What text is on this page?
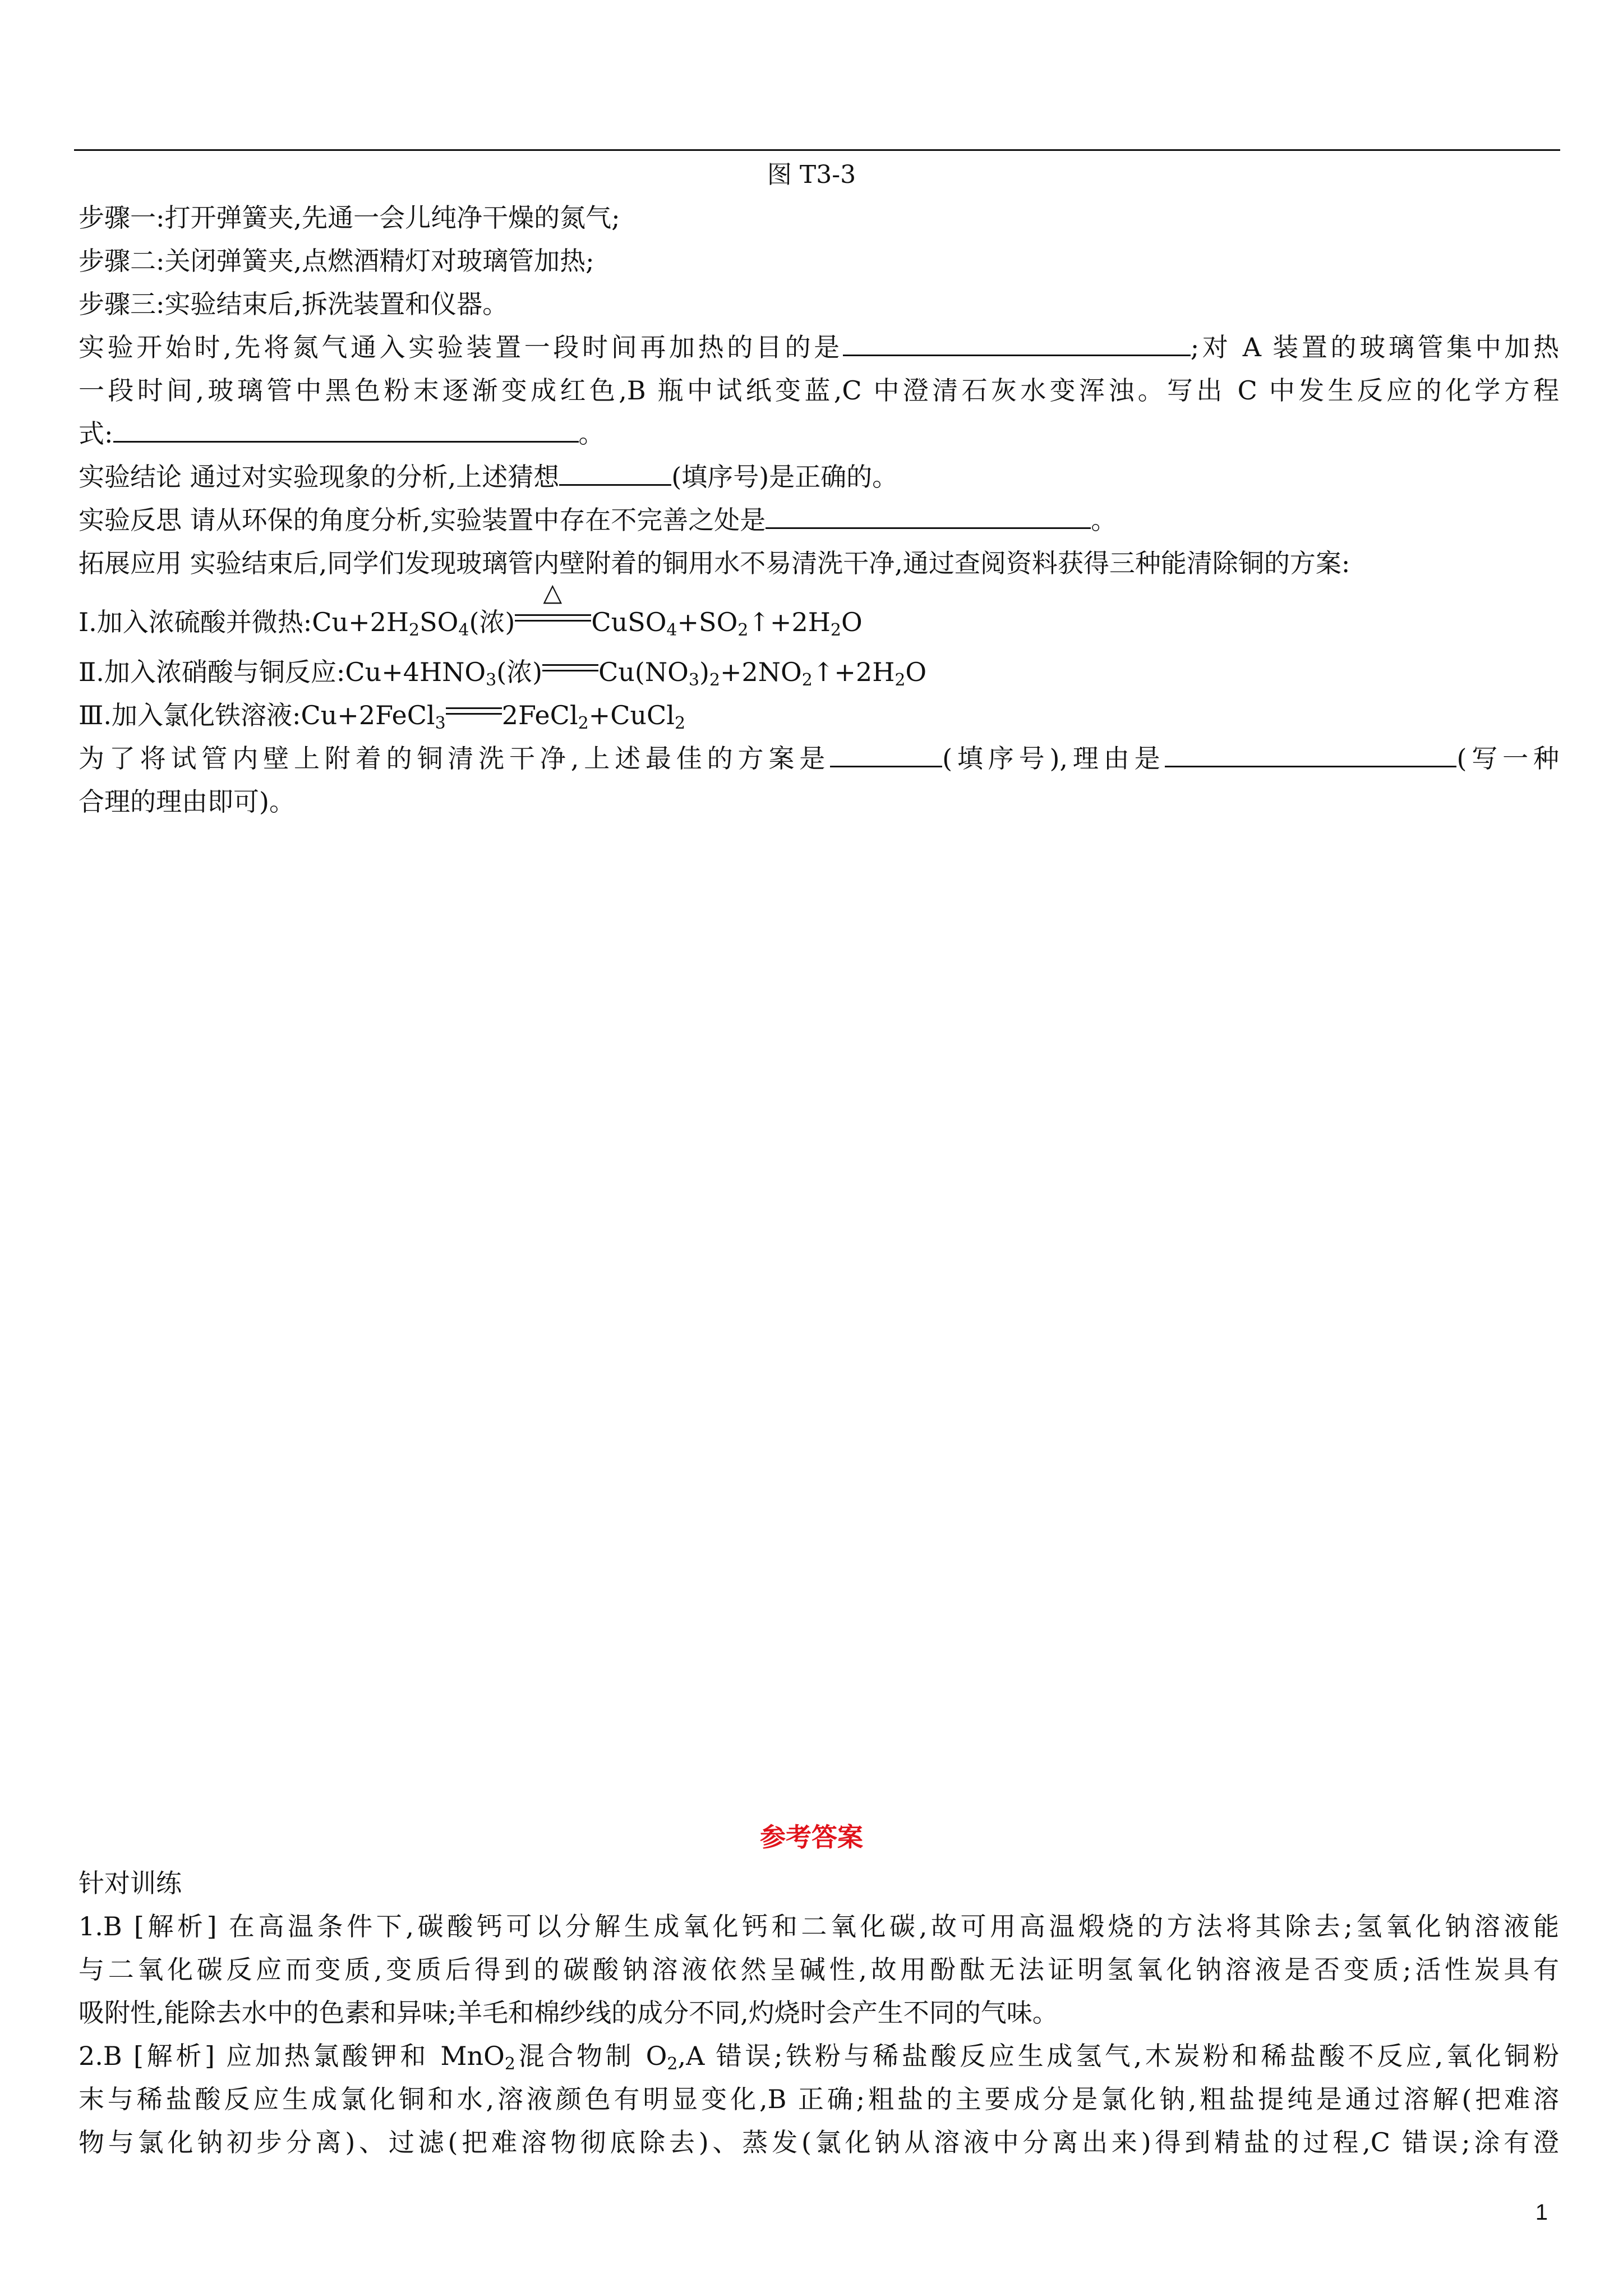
图 T3-3
步骤一:打开弹簧夹,先通一会儿纯净干燥的氮气;
步骤二:关闭弹簧夹,点燃酒精灯对玻璃管加热;
步骤三:实验结束后,拆洗装置和仪器。
实验开始时,先将氮气通入实验装置一段时间再加热的目的是	;对 A 装置的玻璃管集中加热
一段时间,玻璃管中黑色粉末逐渐变成红色,B 瓶中试纸变蓝,C 中澄清石灰水变浑浊。写出 C 中发生反应的化学方程
式:	。
实验结论 通过对实验现象的分析,上述猜想	(填序号)是正确的。
实验反思 请从环保的角度分析,实验装置中存在不完善之处是	。
拓展应用 实验结束后,同学们发现玻璃管内壁附着的铜用水不易清洗干净,通过查阅资料获得三种能清除铜的方案:
Ⅰ.加入浓硫酸并微热$:Cu+2H_2SO_4$(浓)
△
$CuSO_4+SO_2↑+2H_2O$
Ⅱ.加入浓硝酸与铜反应$:Cu+4HNO_3$(浓) $Cu(NO_3)_2+2NO_2↑+2H_2O$
Ⅲ.加入氯化铁溶液:Cu+2FeCl$_3$ 2FeCl$_2$+CuCl$_2$
为了将试管内壁上附着的铜清洗干净,上述最佳的方案是	(填序号),理由是	(写一种
合理的理由即可)。
参考答案
针对训练
1.B [解析] 在高温条件下,碳酸钙可以分解生成氧化钙和二氧化碳,故可用高温煅烧的方法将其除去;氢氧化钠溶液能
与二氧化碳反应而变质,变质后得到的碳酸钠溶液依然呈碱性,故用酚酞无法证明氢氧化钠溶液是否变质;活性炭具有
吸附性,能除去水中的色素和异味;羊毛和棉纱线的成分不同,灼烧时会产生不同的气味。
2.B [解析] 应加热氯酸钾和 MnO$_2$混合物制 $O_2,A$ 错误;铁粉与稀盐酸反应生成氢气,木炭粉和稀盐酸不反应,氧化铜粉
末与稀盐酸反应生成氯化铜和水,溶液颜色有明显变化,B 正确;粗盐的主要成分是氯化钠,粗盐提纯是通过溶解(把难溶
物与氯化钠初步分离)、过滤(把难溶物彻底除去)、蒸发(氯化钠从溶液中分离出来)得到精盐的过程,C 错误;涂有澄
1
